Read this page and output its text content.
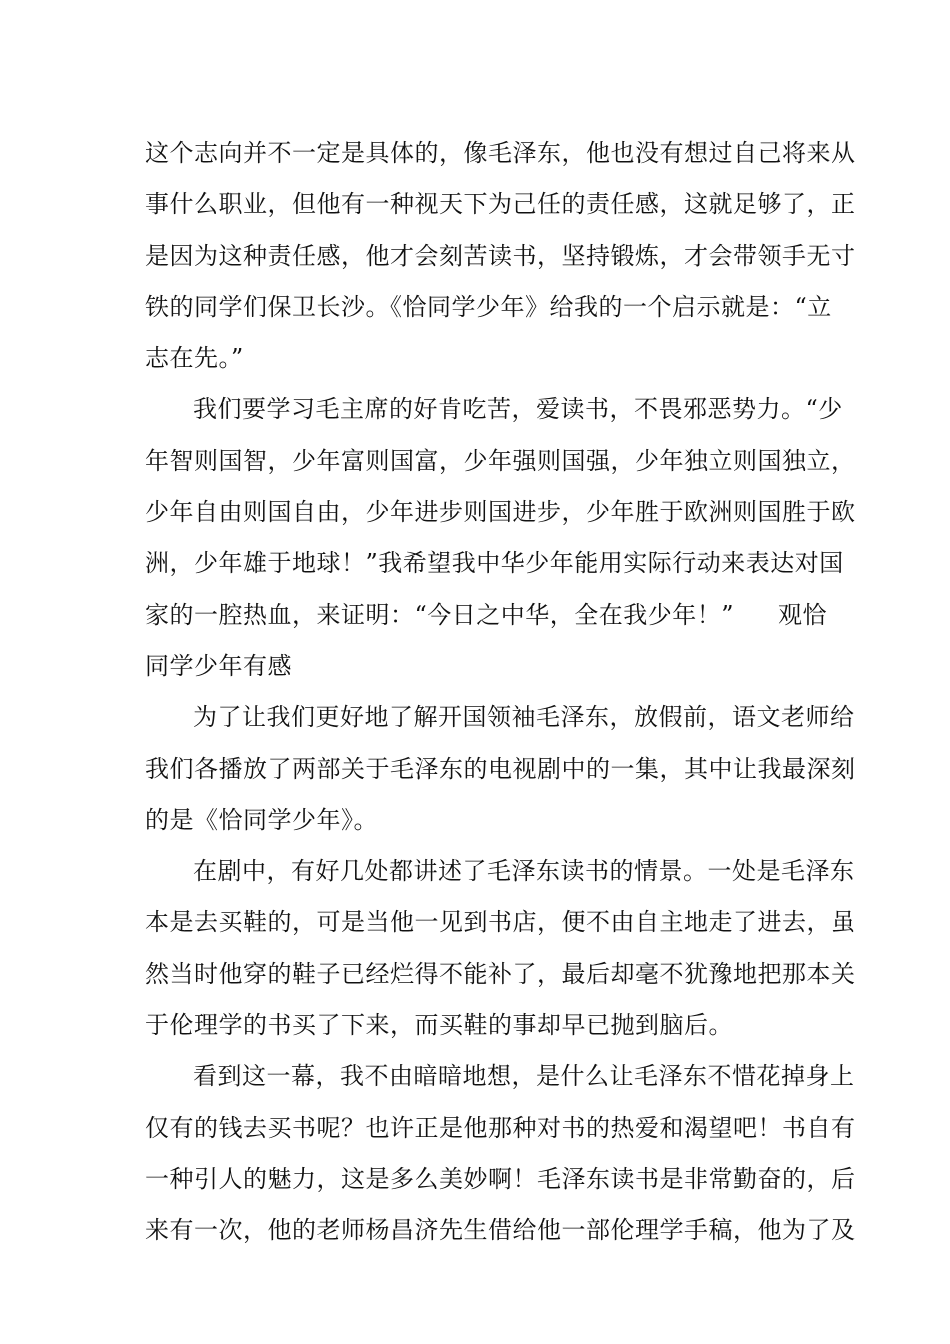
这个志向并不一定是具体的，像毛泽东，他也没有想过自己将来从
事什么职业，但他有一种视天下为己任的责任感，这就足够了，正
是因为这种责任感，他才会刻苦读书，坚持锻炼，才会带领手无寸
铁的同学们保卫长沙。《恰同学少年》给我的一个启示就是：“立
志在先。”
我们要学习毛主席的好肯吃苦，爱读书，不畏邪恶势力。“少
年智则国智，少年富则国富，少年强则国强，少年独立则国独立，
少年自由则国自由，少年进步则国进步，少年胜于欧洲则国胜于欧
洲，少年雄于地球！”我希望我中华少年能用实际行动来表达对国
家的一腔热血，来证明：“今日之中华，全在我少年！” 观恰
同学少年有感
为了让我们更好地了解开国领袖毛泽东，放假前，语文老师给
我们各播放了两部关于毛泽东的电视剧中的一集，其中让我最深刻
的是《恰同学少年》。
在剧中，有好几处都讲述了毛泽东读书的情景。一处是毛泽东
本是去买鞋的，可是当他一见到书店，便不由自主地走了进去，虽
然当时他穿的鞋子已经烂得不能补了，最后却毫不犹豫地把那本关
于伦理学的书买了下来，而买鞋的事却早已抛到脑后。
看到这一幕，我不由暗暗地想，是什么让毛泽东不惜花掉身上
仅有的钱去买书呢？也许正是他那种对书的热爱和渴望吧！书自有
一种引人的魅力，这是多么美妙啊！毛泽东读书是非常勤奋的，后
来有一次，他的老师杨昌济先生借给他一部伦理学手稿，他为了及
